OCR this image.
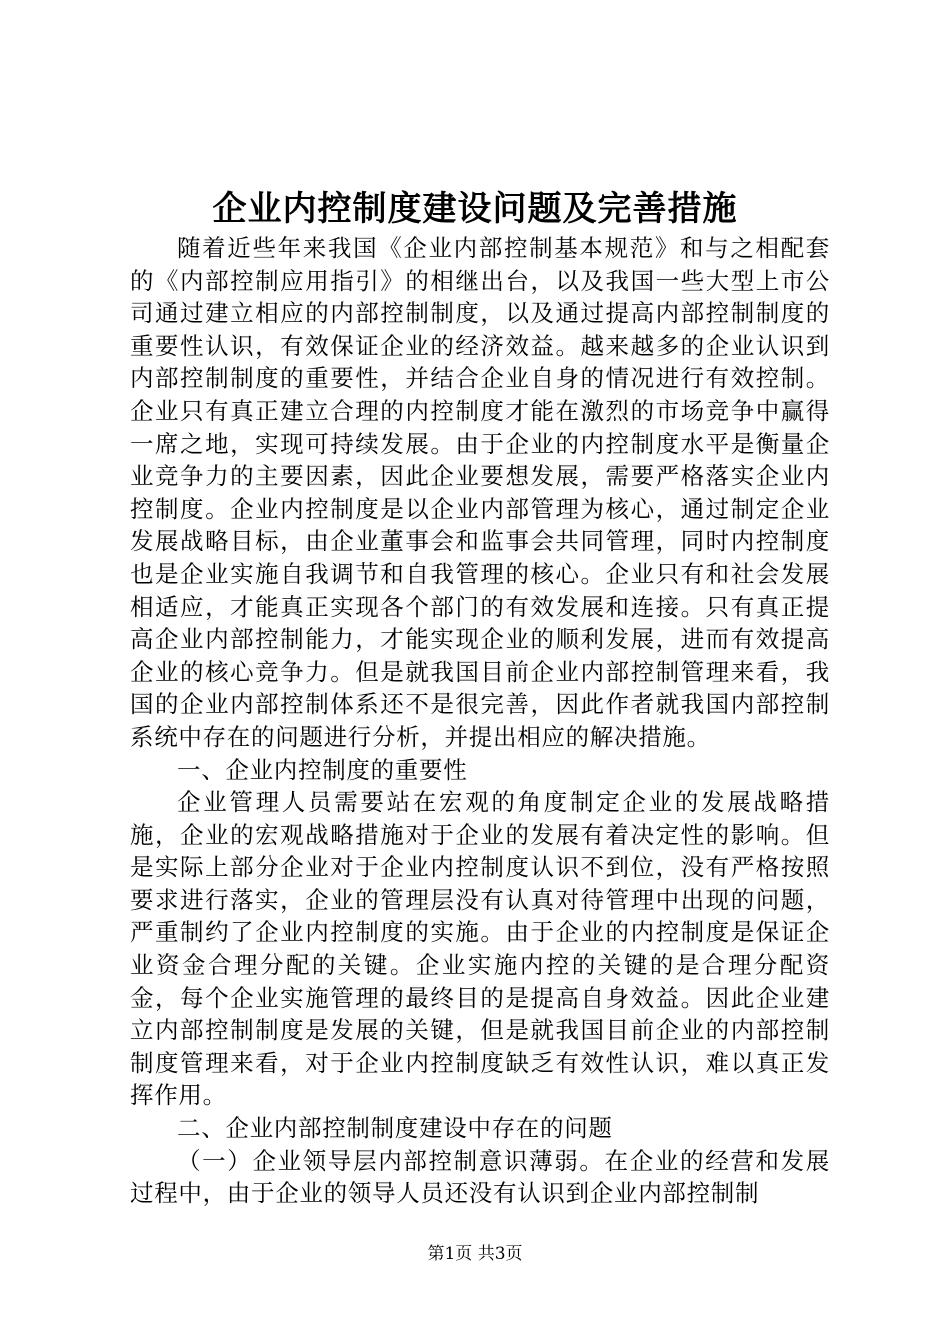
企业内控制度建设问题及完善措施

随着近些年来我国《企业内部控制基本规范》和与之相配套的《内部控制应用指引》的相继出台，以及我国一些大型上市公司通过建立相应的内部控制制度，以及通过提高内部控制制度的重要性认识，有效保证企业的经济效益。越来越多的企业认识到内部控制制度的重要性，并结合企业自身的情况进行有效控制。企业只有真正建立合理的内控制度才能在激烈的市场竞争中赢得一席之地，实现可持续发展。由于企业的内控制度水平是衡量企业竞争力的主要因素，因此企业要想发展，需要严格落实企业内控制度。企业内控制度是以企业内部管理为核心，通过制定企业发展战略目标，由企业董事会和监事会共同管理，同时内控制度也是企业实施自我调节和自我管理的核心。企业只有和社会发展相适应，才能真正实现各个部门的有效发展和连接。只有真正提高企业内部控制能力，才能实现企业的顺利发展，进而有效提高企业的核心竞争力。但是就我国目前企业内部控制管理来看，我国的企业内部控制体系还不是很完善，因此作者就我国内部控制系统中存在的问题进行分析，并提出相应的解决措施。

一、企业内控制度的重要性

企业管理人员需要站在宏观的角度制定企业的发展战略措施，企业的宏观战略措施对于企业的发展有着决定性的影响。但是实际上部分企业对于企业内控制度认识不到位，没有严格按照要求进行落实，企业的管理层没有认真对待管理中出现的问题，严重制约了企业内控制度的实施。由于企业的内控制度是保证企业资金合理分配的关键。企业实施内控的关键的是合理分配资金，每个企业实施管理的最终目的是提高自身效益。因此企业建立内部控制制度是发展的关键，但是就我国目前企业的内部控制制度管理来看，对于企业内控制度缺乏有效性认识，难以真正发挥作用。

二、企业内部控制制度建设中存在的问题

（一）企业领导层内部控制意识薄弱。在企业的经营和发展过程中，由于企业的领导人员还没有认识到企业内部控制制

第1页 共3页
